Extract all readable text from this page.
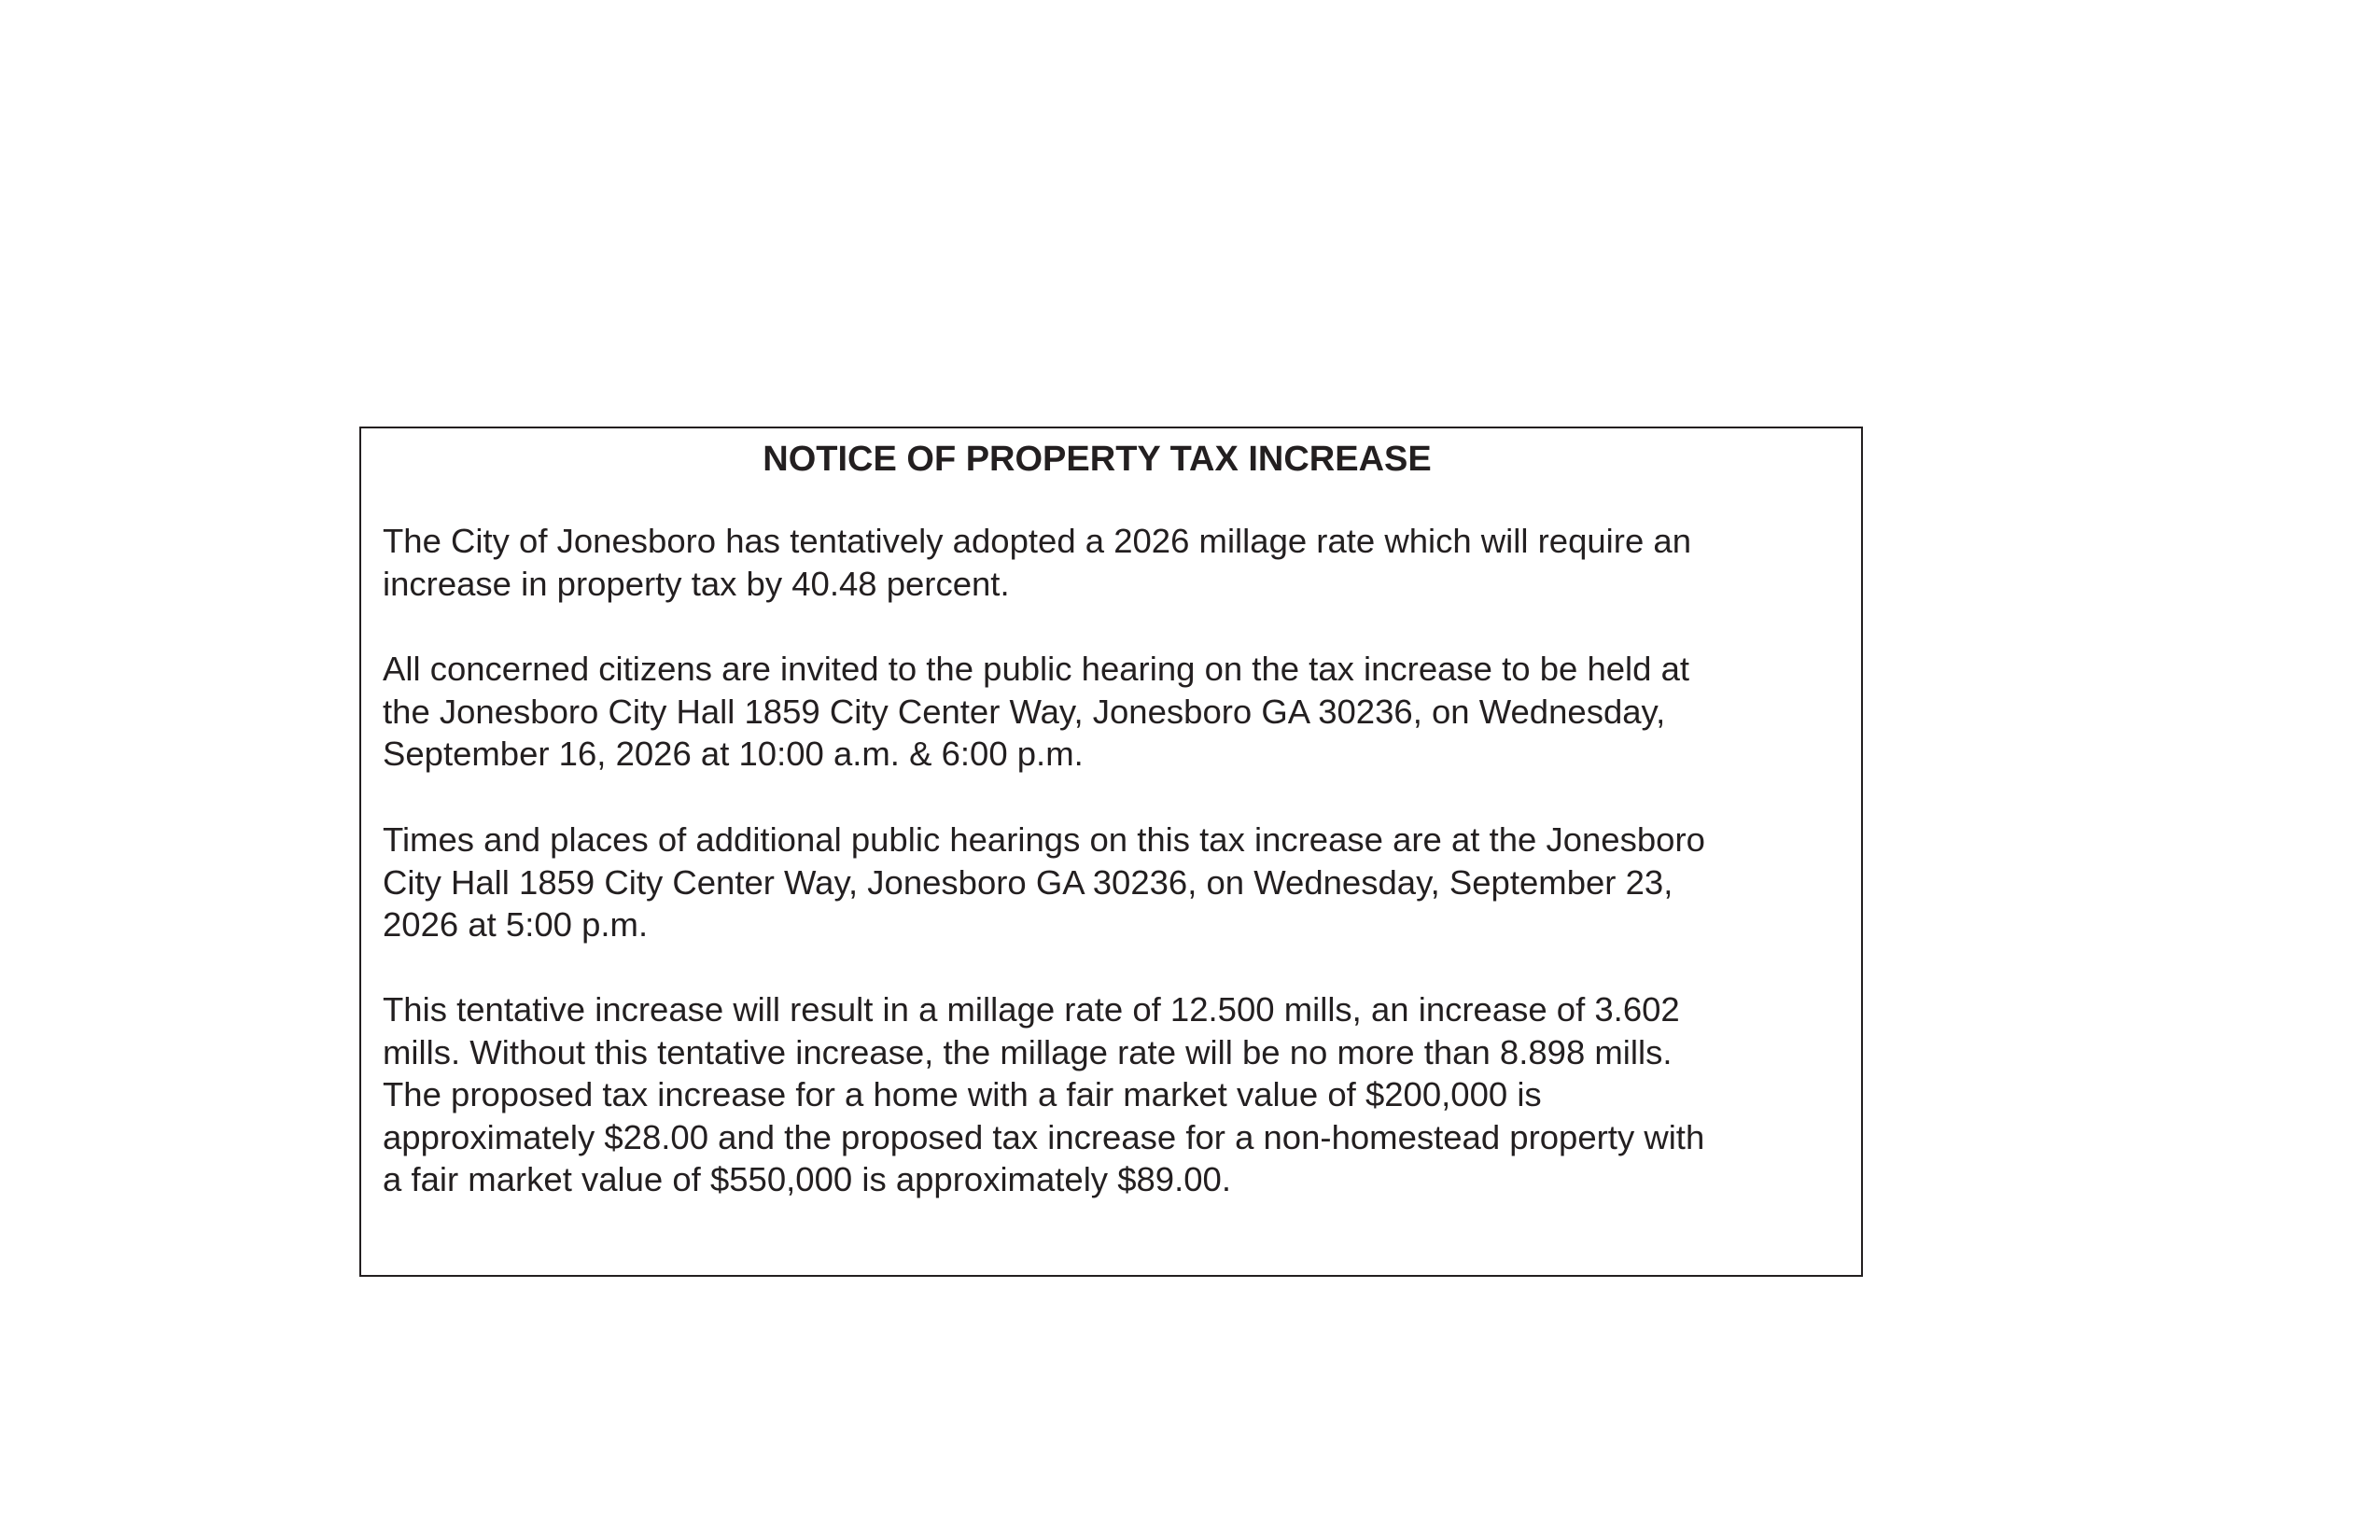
NOTICE OF PROPERTY TAX INCREASE

The City of Jonesboro has tentatively adopted a 2026 millage rate which will require an
increase in property tax by 40.48 percent.

All concerned citizens are invited to the public hearing on the tax increase to be held at
the Jonesboro City Hall 1859 City Center Way, Jonesboro GA 30236, on Wednesday,
September 16, 2026 at 10:00 a.m. & 6:00 p.m.

Times and places of additional public hearings on this tax increase are at the Jonesboro
City Hall 1859 City Center Way, Jonesboro GA 30236, on Wednesday, September 23,
2026 at 5:00 p.m.

This tentative increase will result in a millage rate of 12.500 mills, an increase of 3.602
mills. Without this tentative increase, the millage rate will be no more than 8.898 mills.
The proposed tax increase for a home with a fair market value of $200,000 is
approximately $28.00 and the proposed tax increase for a non-homestead property with
a fair market value of $550,000 is approximately $89.00.
